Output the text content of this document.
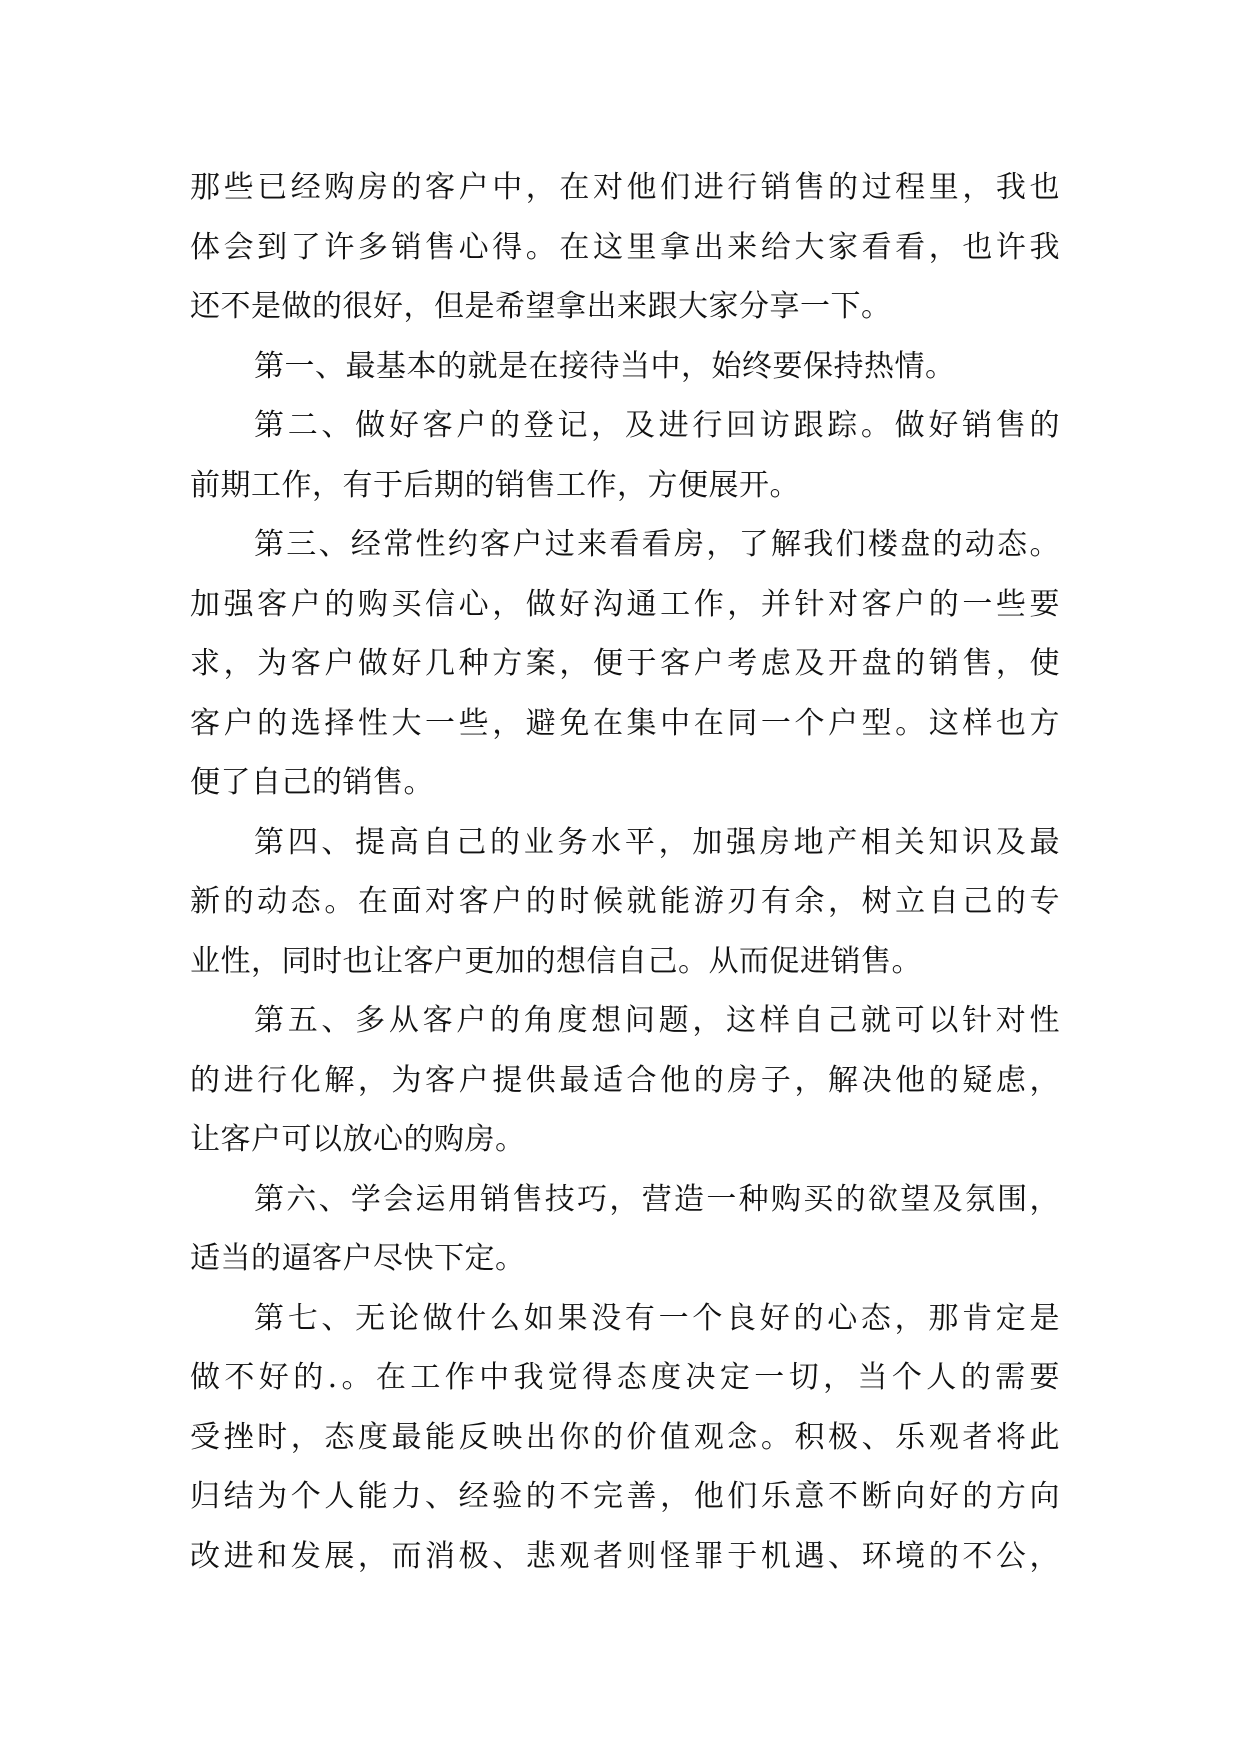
那些已经购房的客户中，在对他们进行销售的过程里，我也
体会到了许多销售心得。在这里拿出来给大家看看，也许我
还不是做的很好，但是希望拿出来跟大家分享一下。
第一、最基本的就是在接待当中，始终要保持热情。
第二、做好客户的登记，及进行回访跟踪。做好销售的
前期工作，有于后期的销售工作，方便展开。
第三、经常性约客户过来看看房，了解我们楼盘的动态。
加强客户的购买信心，做好沟通工作，并针对客户的一些要
求，为客户做好几种方案，便于客户考虑及开盘的销售，使
客户的选择性大一些，避免在集中在同一个户型。这样也方
便了自己的销售。
第四、提高自己的业务水平，加强房地产相关知识及最
新的动态。在面对客户的时候就能游刃有余，树立自己的专
业性，同时也让客户更加的想信自己。从而促进销售。
第五、多从客户的角度想问题，这样自己就可以针对性
的进行化解，为客户提供最适合他的房子，解决他的疑虑，
让客户可以放心的购房。
第六、学会运用销售技巧，营造一种购买的欲望及氛围，
适当的逼客户尽快下定。
第七、无论做什么如果没有一个良好的心态，那肯定是
做不好的.。在工作中我觉得态度决定一切，当个人的需要
受挫时，态度最能反映出你的价值观念。积极、乐观者将此
归结为个人能力、经验的不完善，他们乐意不断向好的方向
改进和发展，而消极、悲观者则怪罪于机遇、环境的不公，
